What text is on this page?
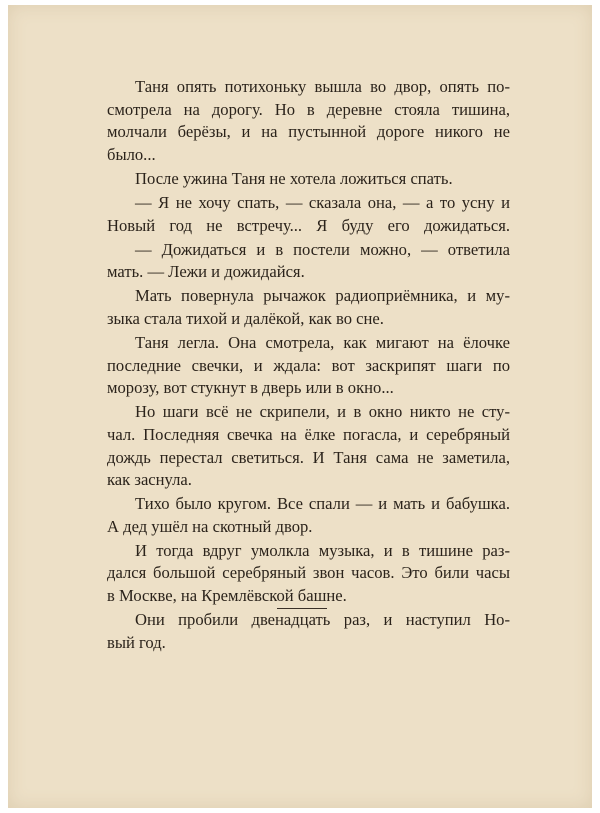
Таня опять потихоньку вышла во двор, опять по-
смотрела на дорогу. Но в деревне стояла тишина,
молчали берёзы, и на пустынной дороге никого не
было...
После ужина Таня не хотела ложиться спать.
— Я не хочу спать, — сказала она, — а то усну и
Новый год не встречу... Я буду его дожидаться.
— Дожидаться и в постели можно, — ответила
мать. — Лежи и дожидайся.
Мать повернула рычажок радиоприёмника, и му-
зыка стала тихой и далёкой, как во сне.
Таня легла. Она смотрела, как мигают на ёлочке
последние свечки, и ждала: вот заскрипят шаги по
морозу, вот стукнут в дверь или в окно...
Но шаги всё не скрипели, и в окно никто не сту-
чал. Последняя свечка на ёлке погасла, и серебряный
дождь перестал светиться. И Таня сама не заметила,
как заснула.
Тихо было кругом. Все спали — и мать и бабушка.
А дед ушёл на скотный двор.
И тогда вдруг умолкла музыка, и в тишине раз-
дался большой серебряный звон часов. Это били часы
в Москве, на Кремлёвской башне.
Они пробили двенадцать раз, и наступил Но-
вый год.
